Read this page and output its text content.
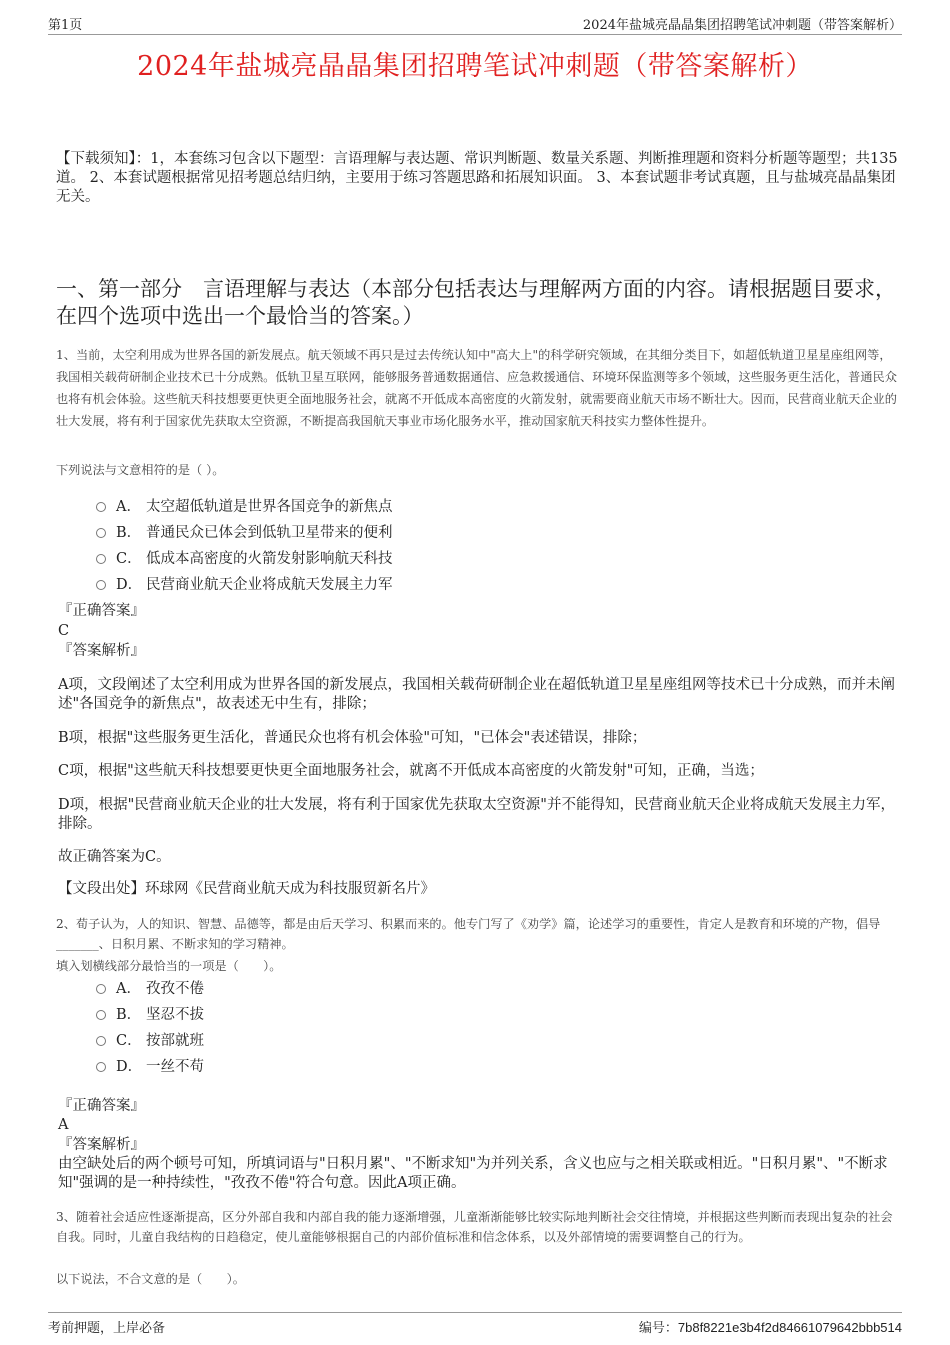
第1页	2024年盐城亮晶晶集团招聘笔试冲刺题（带答案解析）
2024年盐城亮晶晶集团招聘笔试冲刺题（带答案解析）
【下载须知】：1，本套练习包含以下题型：言语理解与表达题、常识判断题、数量关系题、判断推理题和资料分析题等题型；共135道。 2、本套试题根据常见招考题总结归纳，主要用于练习答题思路和拓展知识面。 3、本套试题非考试真题，且与盐城亮晶晶集团无关。
一、第一部分　言语理解与表达（本部分包括表达与理解两方面的内容。请根据题目要求，在四个选项中选出一个最恰当的答案。）
1、当前，太空利用成为世界各国的新发展点。航天领域不再只是过去传统认知中"高大上"的科学研究领域，在其细分类目下，如超低轨道卫星星座组网等，我国相关载荷研制企业技术已十分成熟。低轨卫星互联网，能够服务普通数据通信、应急救援通信、环境环保监测等多个领域，这些服务更生活化，普通民众也将有机会体验。这些航天科技想要更快更全面地服务社会，就离不开低成本高密度的火箭发射，就需要商业航天市场不断壮大。因而，民营商业航天企业的壮大发展，将有利于国家优先获取太空资源，不断提高我国航天事业市场化服务水平，推动国家航天科技实力整体性提升。
下列说法与文意相符的是（ ）。
A． 太空超低轨道是世界各国竞争的新焦点
B． 普通民众已体会到低轨卫星带来的便利
C． 低成本高密度的火箭发射影响航天科技
D． 民营商业航天企业将成航天发展主力军
『正确答案』
C
『答案解析』
A项，文段阐述了太空利用成为世界各国的新发展点，我国相关载荷研制企业在超低轨道卫星星座组网等技术已十分成熟，而并未阐述"各国竞争的新焦点"，故表述无中生有，排除；
B项，根据"这些服务更生活化，普通民众也将有机会体验"可知，"已体会"表述错误，排除；
C项，根据"这些航天科技想要更快更全面地服务社会，就离不开低成本高密度的火箭发射"可知，正确，当选；
D项，根据"民营商业航天企业的壮大发展，将有利于国家优先获取太空资源"并不能得知，民营商业航天企业将成航天发展主力军，排除。
故正确答案为C。
【文段出处】环球网《民营商业航天成为科技服贸新名片》
2、荀子认为，人的知识、智慧、品德等，都是由后天学习、积累而来的。他专门写了《劝学》篇，论述学习的重要性，肯定人是教育和环境的产物，倡导_______、日积月累、不断求知的学习精神。
填入划横线部分最恰当的一项是（　　）。
A． 孜孜不倦
B． 坚忍不拔
C． 按部就班
D． 一丝不苟
『正确答案』
A
『答案解析』
由空缺处后的两个顿号可知，所填词语与"日积月累"、"不断求知"为并列关系，含义也应与之相关联或相近。"日积月累"、"不断求知"强调的是一种持续性，"孜孜不倦"符合句意。因此A项正确。
3、随着社会适应性逐渐提高，区分外部自我和内部自我的能力逐渐增强，儿童渐渐能够比较实际地判断社会交往情境，并根据这些判断而表现出复杂的社会自我。同时，儿童自我结构的日趋稳定，使儿童能够根据自己的内部价值标准和信念体系，以及外部情境的需要调整自己的行为。
以下说法，不合文意的是（　　）。
考前押题，上岸必备	编号：7b8f8221e3b4f2d84661079642bbb514
